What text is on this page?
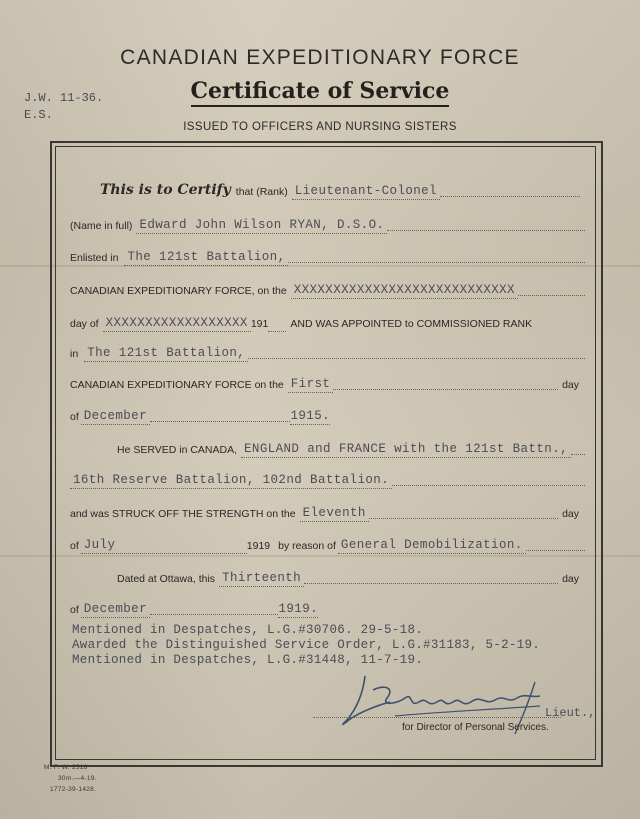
J.W. 11-36.
E.S.
CANADIAN EXPEDITIONARY FORCE
Certificate of Service
ISSUED TO OFFICERS AND NURSING SISTERS
This is to Certify that (Rank) Lieutenant-Colonel
(Name in full) Edward John Wilson RYAN, D.S.O.
Enlisted in The 121st Battalion,
CANADIAN EXPEDITIONARY FORCE, on the XXXXXXXXXXXXXXXXXXXXXXXXXXXX
day of XXXXXXXXXXXXXXXXXX 191 AND WAS APPOINTED to COMMISSIONED RANK
in The 121st Battalion,
CANADIAN EXPEDITIONARY FORCE on the First	day
of December	1915.
He SERVED in CANADA, ENGLAND and FRANCE with the 121st Battn.,
16th Reserve Battalion, 102nd Battalion.
and was STRUCK OFF THE STRENGTH on the Eleventh	day
of July	1919 by reason of General Demobilization.
Dated at Ottawa, this Thirteenth	day
of December	1919.
Mentioned in Despatches, L.G.#30706. 29-5-18.
Awarded the Distinguished Service Order, L.G.#31183, 5-2-19.
Mentioned in Despatches, L.G.#31448, 11-7-19.
Lieut.,
for Director of Personal Services.
M. F. W. 2518
30m.—4-19.
1772-39-1428.
